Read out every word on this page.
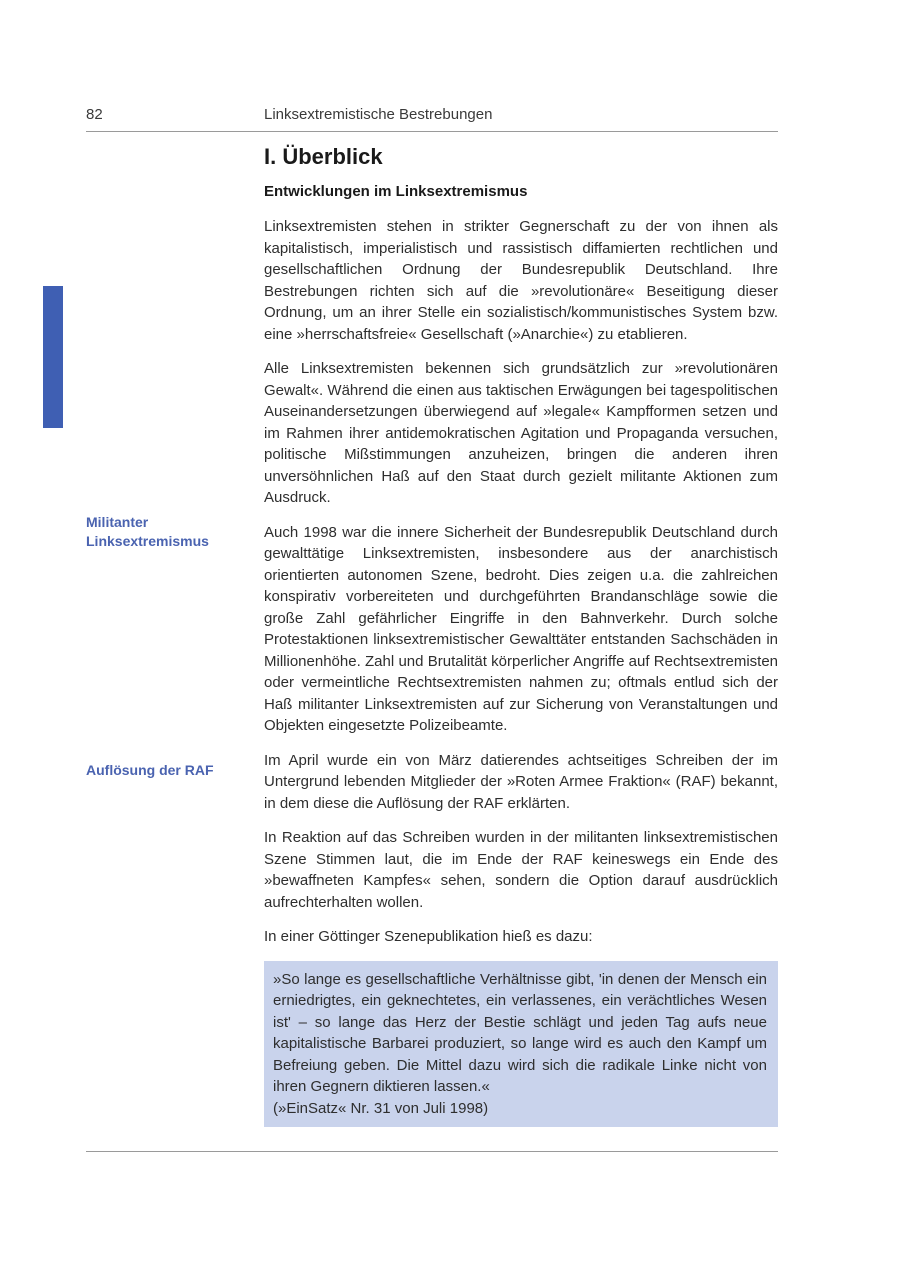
82	Linksextremistische Bestrebungen
Militanter
Linksextremismus
Auflösung der RAF
I. Überblick
Entwicklungen im Linksextremismus

Linksextremisten stehen in strikter Gegnerschaft zu der von ihnen als kapitalistisch, imperialistisch und rassistisch diffamierten rechtlichen und gesellschaftlichen Ordnung der Bundesrepublik Deutschland. Ihre Bestrebungen richten sich auf die »revolutionäre« Beseitigung dieser Ordnung, um an ihrer Stelle ein sozialistisch/kommunistisches System bzw. eine »herrschaftsfreie« Gesellschaft (»Anarchie«) zu etablieren.

Alle Linksextremisten bekennen sich grundsätzlich zur »revolutionären Gewalt«. Während die einen aus taktischen Erwägungen bei tagespolitischen Auseinandersetzungen überwiegend auf »legale« Kampfformen setzen und im Rahmen ihrer antidemokratischen Agitation und Propaganda versuchen, politische Mißstimmungen anzuheizen, bringen die anderen ihren unversöhnlichen Haß auf den Staat durch gezielt militante Aktionen zum Ausdruck.

Auch 1998 war die innere Sicherheit der Bundesrepublik Deutschland durch gewalttätige Linksextremisten, insbesondere aus der anarchistisch orientierten autonomen Szene, bedroht. Dies zeigen u.a. die zahlreichen konspirativ vorbereiteten und durchgeführten Brandanschläge sowie die große Zahl gefährlicher Eingriffe in den Bahnverkehr. Durch solche Protestaktionen linksextremistischer Gewalttäter entstanden Sachschäden in Millionenhöhe. Zahl und Brutalität körperlicher Angriffe auf Rechtsextremisten oder vermeintliche Rechtsextremisten nahmen zu; oftmals entlud sich der Haß militanter Linksextremisten auf zur Sicherung von Veranstaltungen und Objekten eingesetzte Polizeibeamte.

Im April wurde ein von März datierendes achtseitiges Schreiben der im Untergrund lebenden Mitglieder der »Roten Armee Fraktion« (RAF) bekannt, in dem diese die Auflösung der RAF erklärten.

In Reaktion auf das Schreiben wurden in der militanten linksextremistischen Szene Stimmen laut, die im Ende der RAF keineswegs ein Ende des »bewaffneten Kampfes« sehen, sondern die Option darauf ausdrücklich aufrechterhalten wollen.

In einer Göttinger Szenepublikation hieß es dazu:

»So lange es gesellschaftliche Verhältnisse gibt, 'in denen der Mensch ein erniedrigtes, ein geknechtetes, ein verlassenes, ein verächtliches Wesen ist' – so lange das Herz der Bestie schlägt und jeden Tag aufs neue kapitalistische Barbarei produziert, so lange wird es auch den Kampf um Befreiung geben. Die Mittel dazu wird sich die radikale Linke nicht von ihren Gegnern diktieren lassen.«

(»EinSatz« Nr. 31 von Juli 1998)
